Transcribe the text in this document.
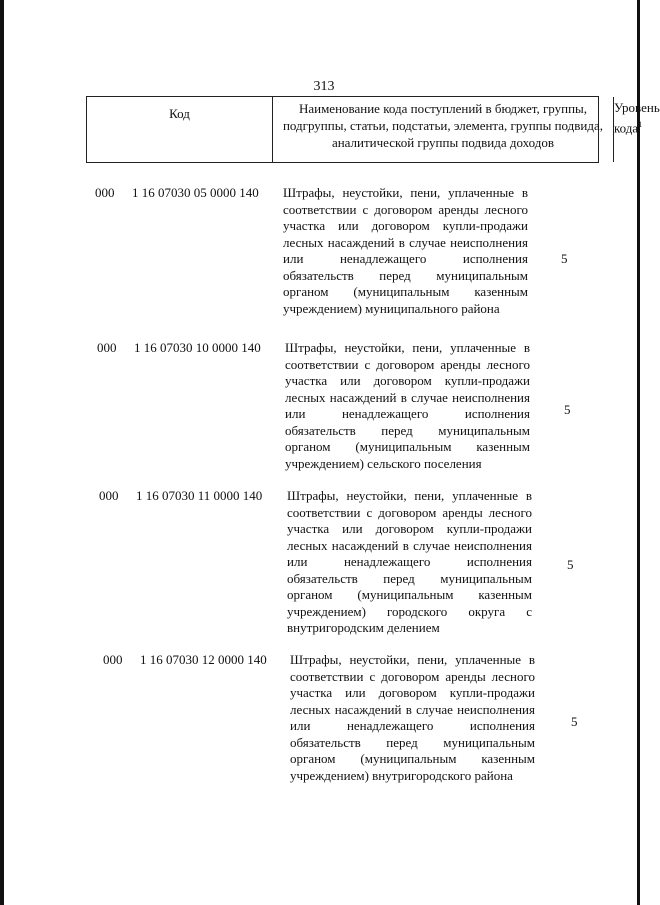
313
Код	Наименование кода поступлений в бюджет, группы, подгруппы, статьи, подстатьи, элемента, группы подвида, аналитической группы подвида доходов
Уровень кода$^1$
000 1 16 07030 05 0000 140 Штрафы, неустойки, пени, уплаченные в соответствии с договором аренды лесного участка или договором купли-продажи лесных насаждений в случае неисполнения или ненадлежащего исполнения обязательств перед муниципальным органом (муниципальным казенным учреждением) муниципального района
5
000 1 16 07030 10 0000 140 Штрафы, неустойки, пени, уплаченные в соответствии с договором аренды лесного участка или договором купли-продажи лесных насаждений в случае неисполнения или ненадлежащего исполнения обязательств перед муниципальным органом (муниципальным казенным учреждением) сельского поселения
5
000 1 16 07030 11 0000 140 Штрафы, неустойки, пени, уплаченные в соответствии с договором аренды лесного участка или договором купли-продажи лесных насаждений в случае неисполнения или ненадлежащего исполнения обязательств перед муниципальным органом (муниципальным казенным учреждением) городского округа с внутригородским делением
5
000 1 16 07030 12 0000 140 Штрафы, неустойки, пени, уплаченные в соответствии с договором аренды лесного участка или договором купли-продажи лесных насаждений в случае неисполнения или ненадлежащего исполнения обязательств перед муниципальным органом (муниципальным казенным учреждением) внутригородского района
5
